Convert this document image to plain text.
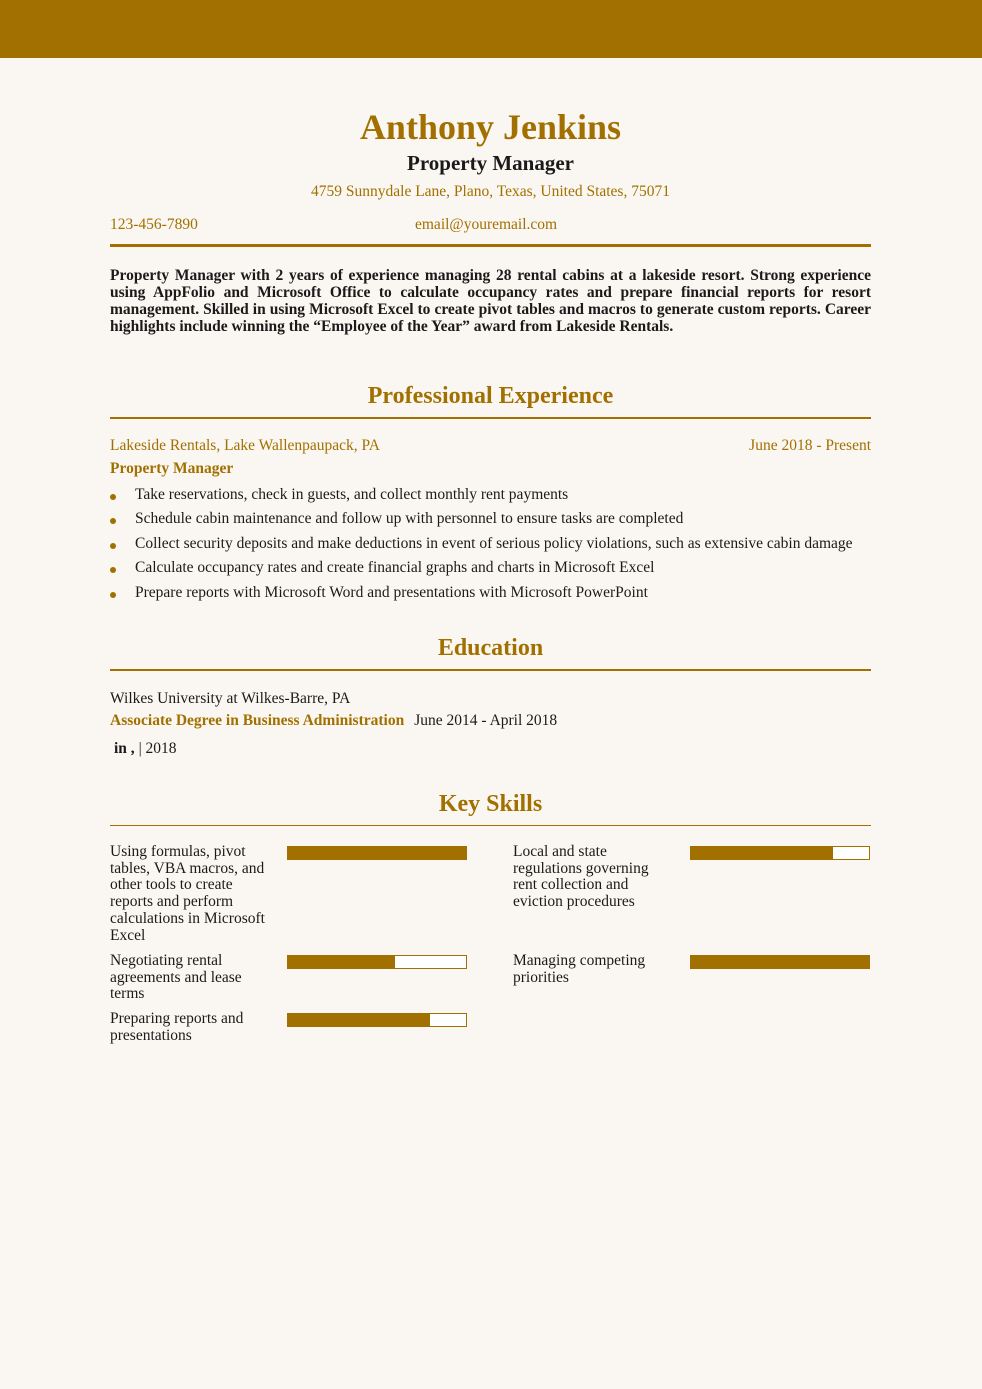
Anthony Jenkins
Property Manager
4759 Sunnydale Lane, Plano, Texas, United States, 75071
123-456-7890	email@youremail.com
Property Manager with 2 years of experience managing 28 rental cabins at a lakeside resort. Strong experience using AppFolio and Microsoft Office to calculate occupancy rates and prepare financial reports for resort management. Skilled in using Microsoft Excel to create pivot tables and macros to generate custom reports. Career highlights include winning the “Employee of the Year” award from Lakeside Rentals.
Professional Experience
Lakeside Rentals, Lake Wallenpaupack, PA	June 2018 - Present
Property Manager
Take reservations, check in guests, and collect monthly rent payments
Schedule cabin maintenance and follow up with personnel to ensure tasks are completed
Collect security deposits and make deductions in event of serious policy violations, such as extensive cabin damage
Calculate occupancy rates and create financial graphs and charts in Microsoft Excel
Prepare reports with Microsoft Word and presentations with Microsoft PowerPoint
Education
Wilkes University at Wilkes-Barre, PA
Associate Degree in Business Administration June 2014 - April 2018
in , | 2018
Key Skills
Using formulas, pivot tables, VBA macros, and other tools to create reports and perform calculations in Microsoft Excel
Local and state regulations governing rent collection and eviction procedures
Negotiating rental agreements and lease terms
Managing competing priorities
Preparing reports and presentations
